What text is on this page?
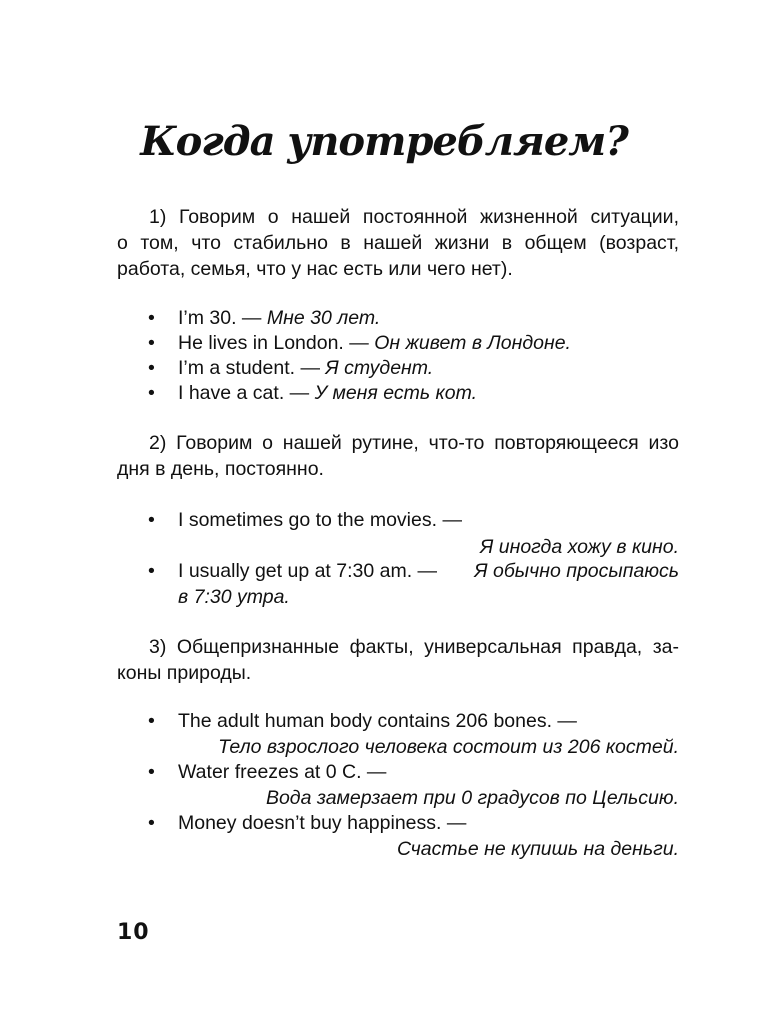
Когда употребляем?
1) Говорим о нашей постоянной жизненной ситуации,
о том, что стабильно в нашей жизни в общем (возраст,
работа, семья, что у нас есть или чего нет).
•	I’m 30. — Мне 30 лет.
•	He lives in London. — Он живет в Лондоне.
•	I’m a student. — Я студент.
•	I have a cat. — У меня есть кот.
2) Говорим о нашей рутине, что-то повторяющееся изо
дня в день, постоянно.
•	I sometimes go to the movies. —
Я иногда хожу в кино.
•	I usually get up at 7:30 am. — Я обычно просыпаюсь
в 7:30 утра.
3) Общепризнанные факты, универсальная правда, за-
коны природы.
•	The adult human body contains 206 bones. —
Тело взрослого человека состоит из 206 костей.
•	Water freezes at 0 С. —
Вода замерзает при 0 градусов по Цельсию.
•	Money doesn’t buy happiness. —
Счастье не купишь на деньги.
10
